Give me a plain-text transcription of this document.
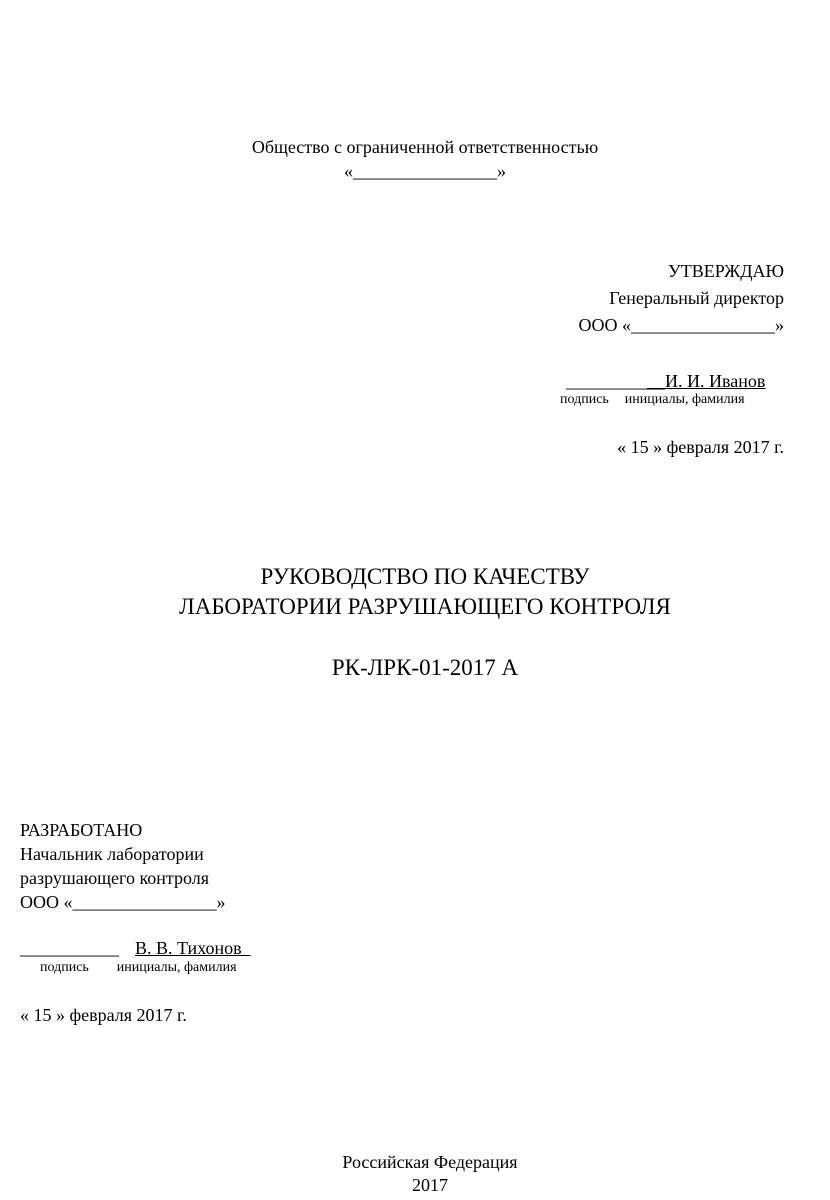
Общество с ограниченной ответственностью
«________________»
УТВЕРЖДАЮ
Генеральный директор
ООО «________________»
___________И. И. Иванов
подпись инициалы, фамилия
« 15 » февраля 2017 г.
РУКОВОДСТВО ПО КАЧЕСТВУ
ЛАБОРАТОРИИ РАЗРУШАЮЩЕГО КОНТРОЛЯ
РК-ЛРК-01-2017 А
РАЗРАБОТАНО
Начальник лаборатории
разрушающего контроля
ООО «________________»
___________ В. В. Тихонов
подпись инициалы, фамилия
« 15 » февраля 2017 г.
Российская Федерация
2017
